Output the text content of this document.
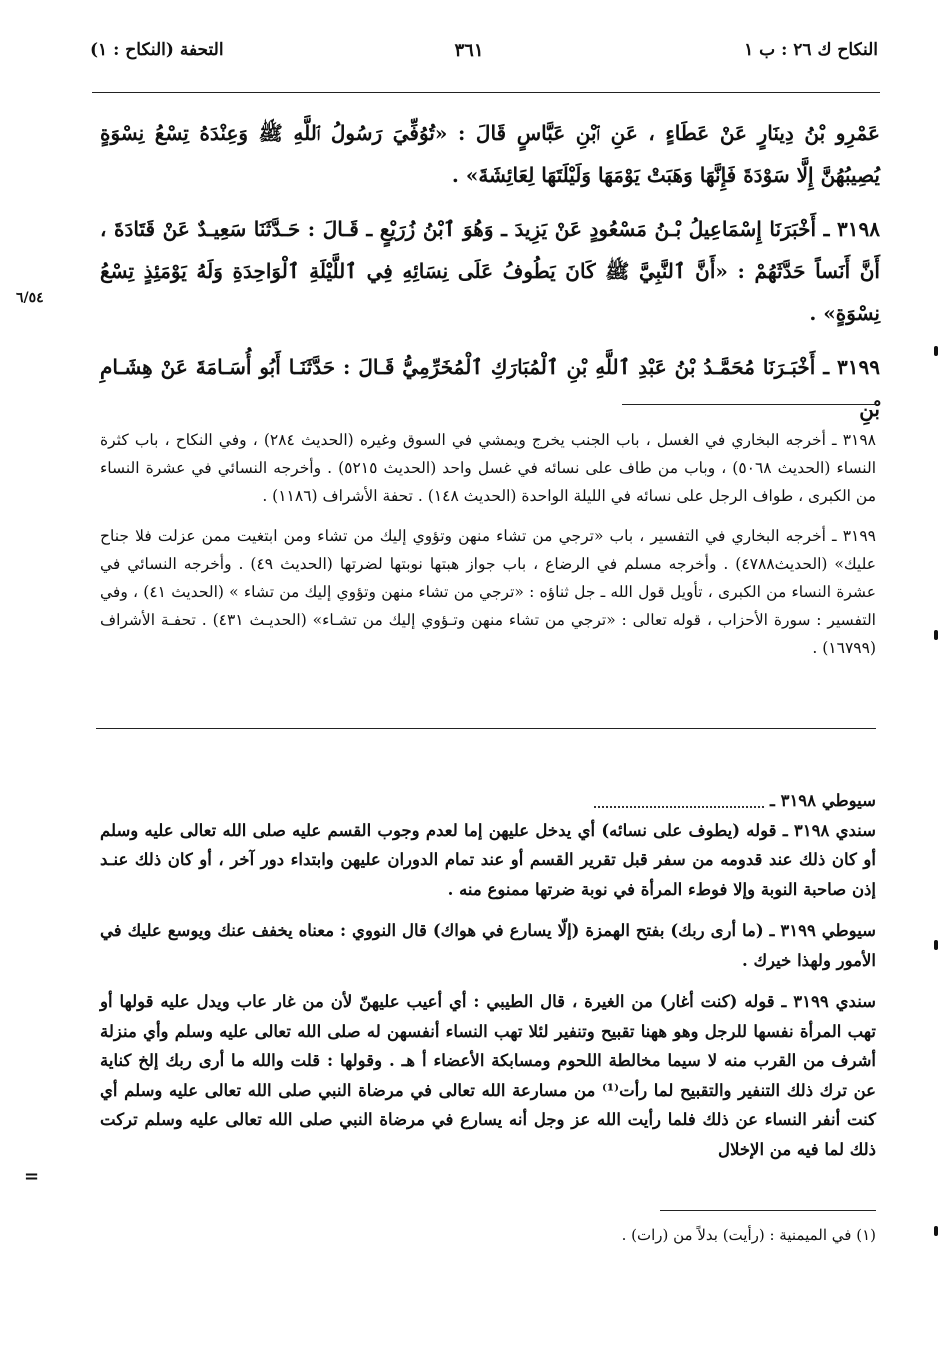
النكاح ك ٢٦ : ب ١
٣٦١
التحفة (النكاح : ١)

عَمْرِو بْنُ دِينَارٍ عَنْ عَطَاءٍ ، عَنِ ٱبْنِ عَبَّاسٍ قَالَ : «تُوُفِّيَ رَسُولُ ٱللَّهِ ﷺ وَعِنْدَهُ تِسْعُ نِسْوَةٍ يُصِيبُهُنَّ إِلَّا سَوْدَةَ فَإِنَّهَا وَهَبَتْ يَوْمَهَا وَلَيْلَتَهَا لِعَائِشَةَ» .

٣١٩٨ ـ أَخْبَرَنَا إِسْمَاعِيلُ بْـنُ مَسْعُودٍ عَنْ يَزِيدَ ـ وَهُوَ ٱبْنُ زُرَيْعٍ ـ قَـالَ : حَـدَّثَنَا سَعِيـدٌ عَنْ قَتَادَةَ ، أَنَّ أَنَساً حَدَّثَهُمْ : «أَنَّ ٱلنَّبِيَّ ﷺ كَانَ يَطُوفُ عَلَى نِسَائِهِ فِي ٱللَّيْلَةِ ٱلْوَاحِدَةِ وَلَهُ يَوْمَئِذٍ تِسْعُ نِسْوَةٍ» .

٣١٩٩ ـ أَخْبَـرَنَا مُحَمَّـدُ بْنُ عَبْدِ ٱللَّهِ بْنِ ٱلْمُبَارَكِ ٱلْمُخَرِّمِيُّ قَـالَ : حَدَّثَنَـا أَبُو أُسَـامَةَ عَنْ هِشَـامِ بْنِ

٦/٥٤

٣١٩٨ ـ أخرجه البخاري في الغسل ، باب الجنب يخرج ويمشي في السوق وغيره (الحديث ٢٨٤) ، وفي النكاح ، باب كثرة النساء (الحديث ٥٠٦٨) ، وباب من طاف على نسائه في غسل واحد (الحديث ٥٢١٥) . وأخرجه النسائي في عشرة النساء من الكبرى ، طواف الرجل على نسائه في الليلة الواحدة (الحديث ١٤٨) . تحفة الأشراف (١١٨٦) .

٣١٩٩ ـ أخرجه البخاري في التفسير ، باب «ترجي من تشاء منهن وتؤوي إليك من تشاء ومن ابتغيت ممن عزلت فلا جناح عليك» (الحديث٤٧٨٨) . وأخرجه مسلم في الرضاع ، باب جواز هبتها نوبتها لضرتها (الحديث ٤٩) . وأخرجه النسائي في عشرة النساء من الكبرى ، تأويل قول الله ـ جل ثناؤه : «ترجي من تشاء منهن وتؤوي إليك من تشاء » (الحديث ٤١) ، وفي التفسير : سورة الأحزاب ، قوله تعالى : «ترجي من تشاء منهن وتـؤوي إليك من تشـاء» (الحديـث ٤٣١) . تحفـة الأشراف (١٦٧٩٩) .

سيوطي ٣١٩٨ ـ

سندي ٣١٩٨ ـ قوله (يطوف على نسائه) أي يدخل عليهن إما لعدم وجوب القسم عليه صلى الله تعالى عليه وسلم أو كان ذلك عند قدومه من سفر قبل تقرير القسم أو عند تمام الدوران عليهن وابتداء دور آخر ، أو كان ذلك عنـد إذن صاحبة النوبة وإلا فوطء المرأة في نوبة ضرتها ممنوع منه .

سيوطي ٣١٩٩ ـ (ما أرى ربك) بفتح الهمزة (إلّا يسارع في هواك) قال النووي : معناه يخفف عنك ويوسع عليك في الأمور ولهذا خيرك .

سندي ٣١٩٩ ـ قوله (كنت أغار) من الغيرة ، قال الطيبي : أي أعيب عليهنّ لأن من غار عاب ويدل عليه قولها أو تهب المرأة نفسها للرجل وهو ههنا تقبيح وتنفير لئلا تهب النساء أنفسهن له صلى الله تعالى عليه وسلم وأي منزلة أشرف من القرب منه لا سيما مخالطة اللحوم ومسابكة الأعضاء أ هـ . وقولها : قلت والله ما أرى ربك إلخ كناية عن ترك ذلك التنفير والتقبيح لما رأت⁽¹⁾ من مسارعة الله تعالى في مرضاة النبي صلى الله تعالى عليه وسلم أي كنت أنفر النساء عن ذلك فلما رأيت الله عز وجل أنه يسارع في مرضاة النبي صلى الله تعالى عليه وسلم تركت ذلك لما فيه من الإخلال

=
(١) في الميمنية : (رأيت) بدلاً من (رات) .
